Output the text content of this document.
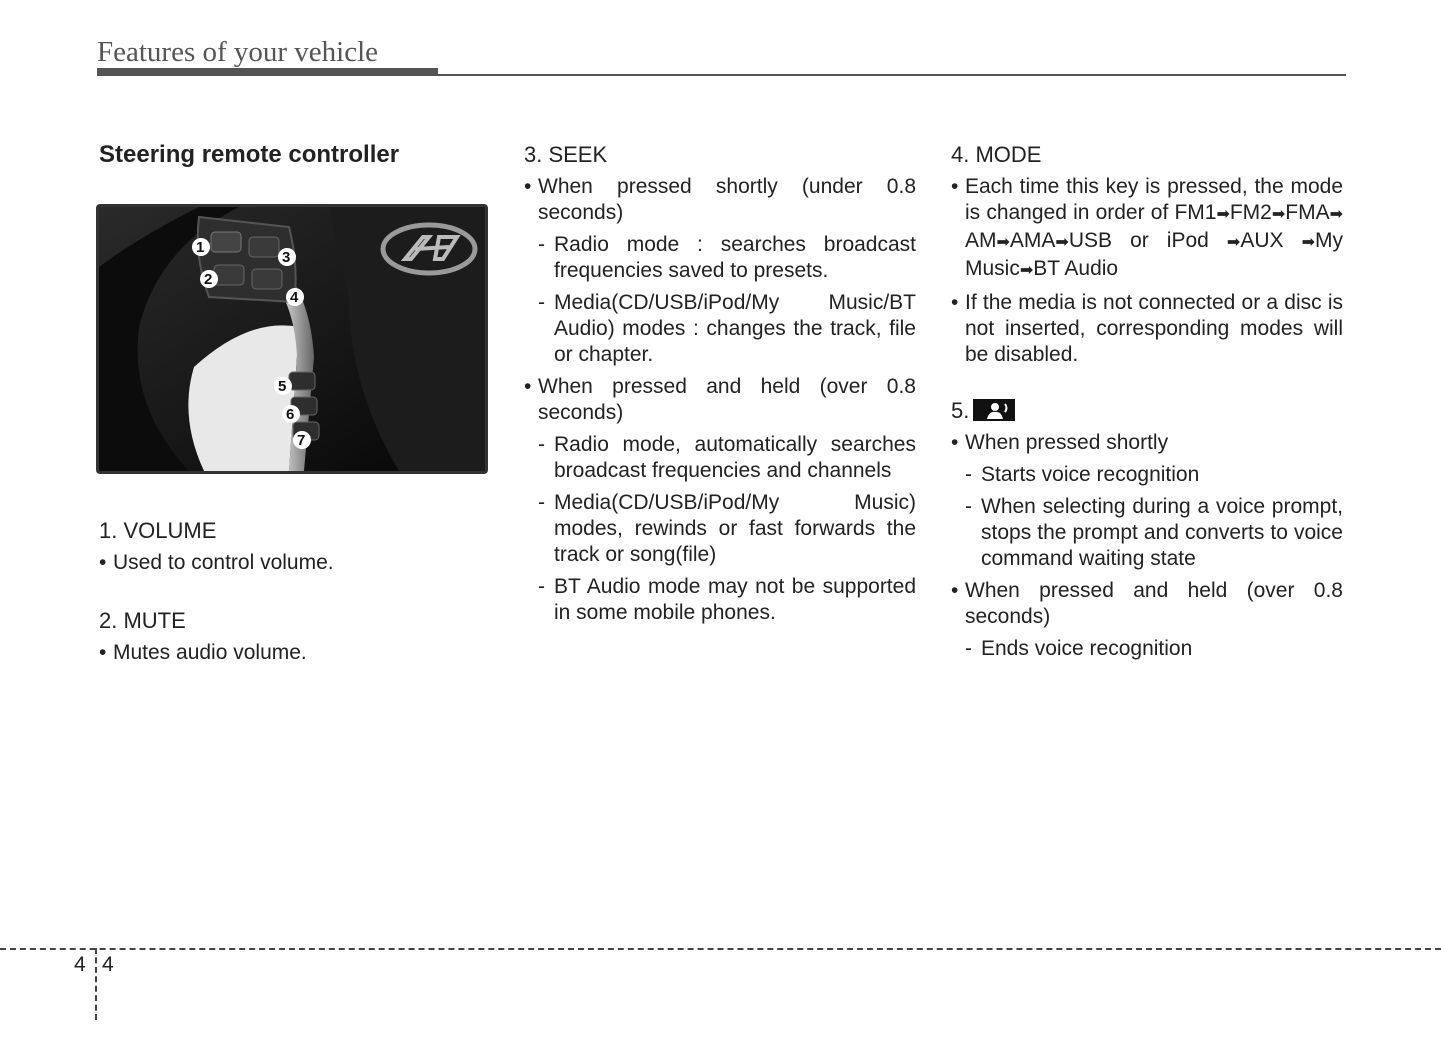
Features of your vehicle

Steering remote controller

1
2
3
4
5
6
7

1. VOLUME

• Used to control volume.

2. MUTE

• Mutes audio volume.

3. SEEK

• When pressed shortly (under 0.8 seconds)

- Radio mode : searches broadcast frequencies saved to presets.

- Media(CD/USB/iPod/My Music/BT Audio) modes : changes the track, file or chapter.

• When pressed and held (over 0.8 seconds)

- Radio mode, automatically searches broadcast frequencies and channels

- Media(CD/USB/iPod/My Music) modes, rewinds or fast forwards the track or song(file)

- BT Audio mode may not be supported in some mobile phones.

4. MODE

• Each time this key is pressed, the mode is changed in order of FM1➡FM2➡FMA➡ AM➡AMA➡USB or iPod ➡AUX ➡My Music➡BT Audio

• If the media is not connected or a disc is not inserted, corresponding modes will be disabled.

5.

• When pressed shortly

- Starts voice recognition

- When selecting during a voice prompt, stops the prompt and converts to voice command waiting state

• When pressed and held (over 0.8 seconds)

- Ends voice recognition

4 4
